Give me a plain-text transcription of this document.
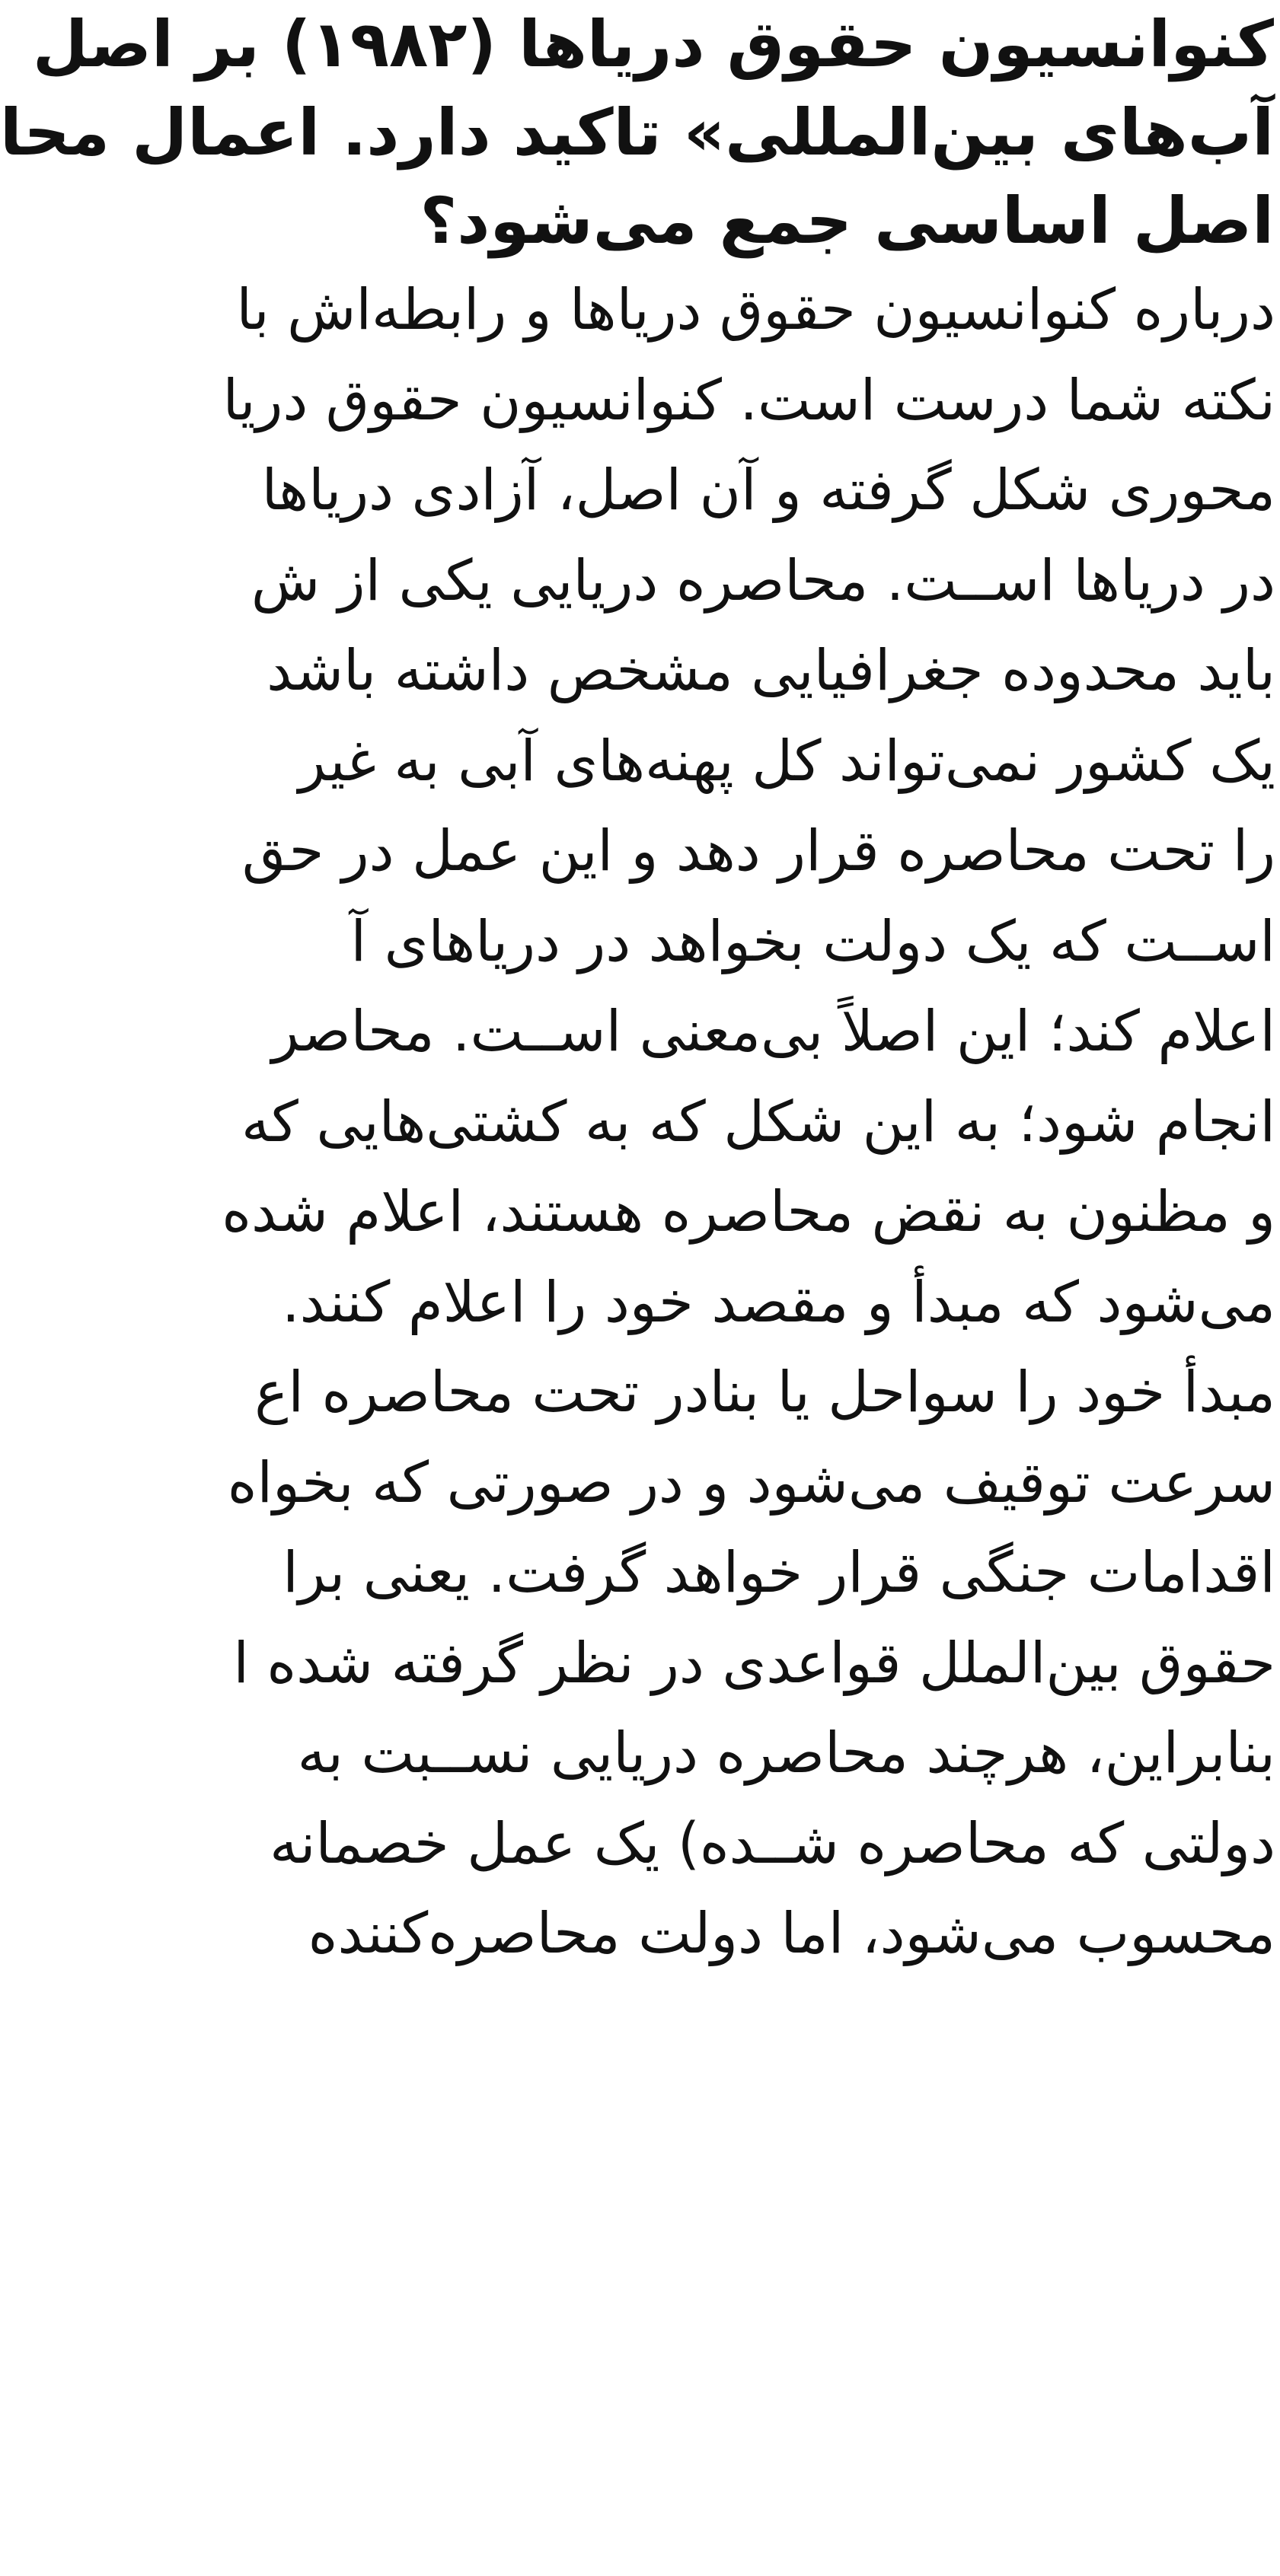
کنوانسیون حقوق دریاها (۱۹۸۲) بر اصل
آب‌های بین‌المللی» تاکید دارد. اعمال محا
اصل اساسی جمع می‌شود؟
درباره کنوانسیون حقوق دریاها و رابطه‌اش با
نکته شما درست است. کنوانسیون حقوق دریا
محوری شکل گرفته و آن اصل، آزادی دریاها
در دریاها اســت. محاصره دریایی یکی از ش
باید محدوده جغرافیایی مشخص داشته باشد
یک کشور نمی‌تواند کل پهنه‌های آبی به غیر
را تحت محاصره قرار دهد و این عمل در حق
اســت که یک دولت بخواهد در دریاهای آ
اعلام کند؛ این اصلاً بی‌معنی اســت. محاصر
انجام شود؛ به این شکل که به کشتی‌هایی که
و مظنون به نقض محاصره هستند، اعلام شده
می‌شود که مبدأ و مقصد خود را اعلام کنند.
مبدأ خود را سواحل یا بنادر تحت محاصره اع
سرعت توقیف می‌شود و در صورتی که بخواه
اقدامات جنگی قرار خواهد گرفت. یعنی برا
حقوق بین‌الملل قواعدی در نظر گرفته شده ا
بنابراین، هرچند محاصره دریایی نســبت به
دولتی که محاصره شــده) یک عمل خصمانه
محسوب می‌شود، اما دولت محاصره‌کننده
